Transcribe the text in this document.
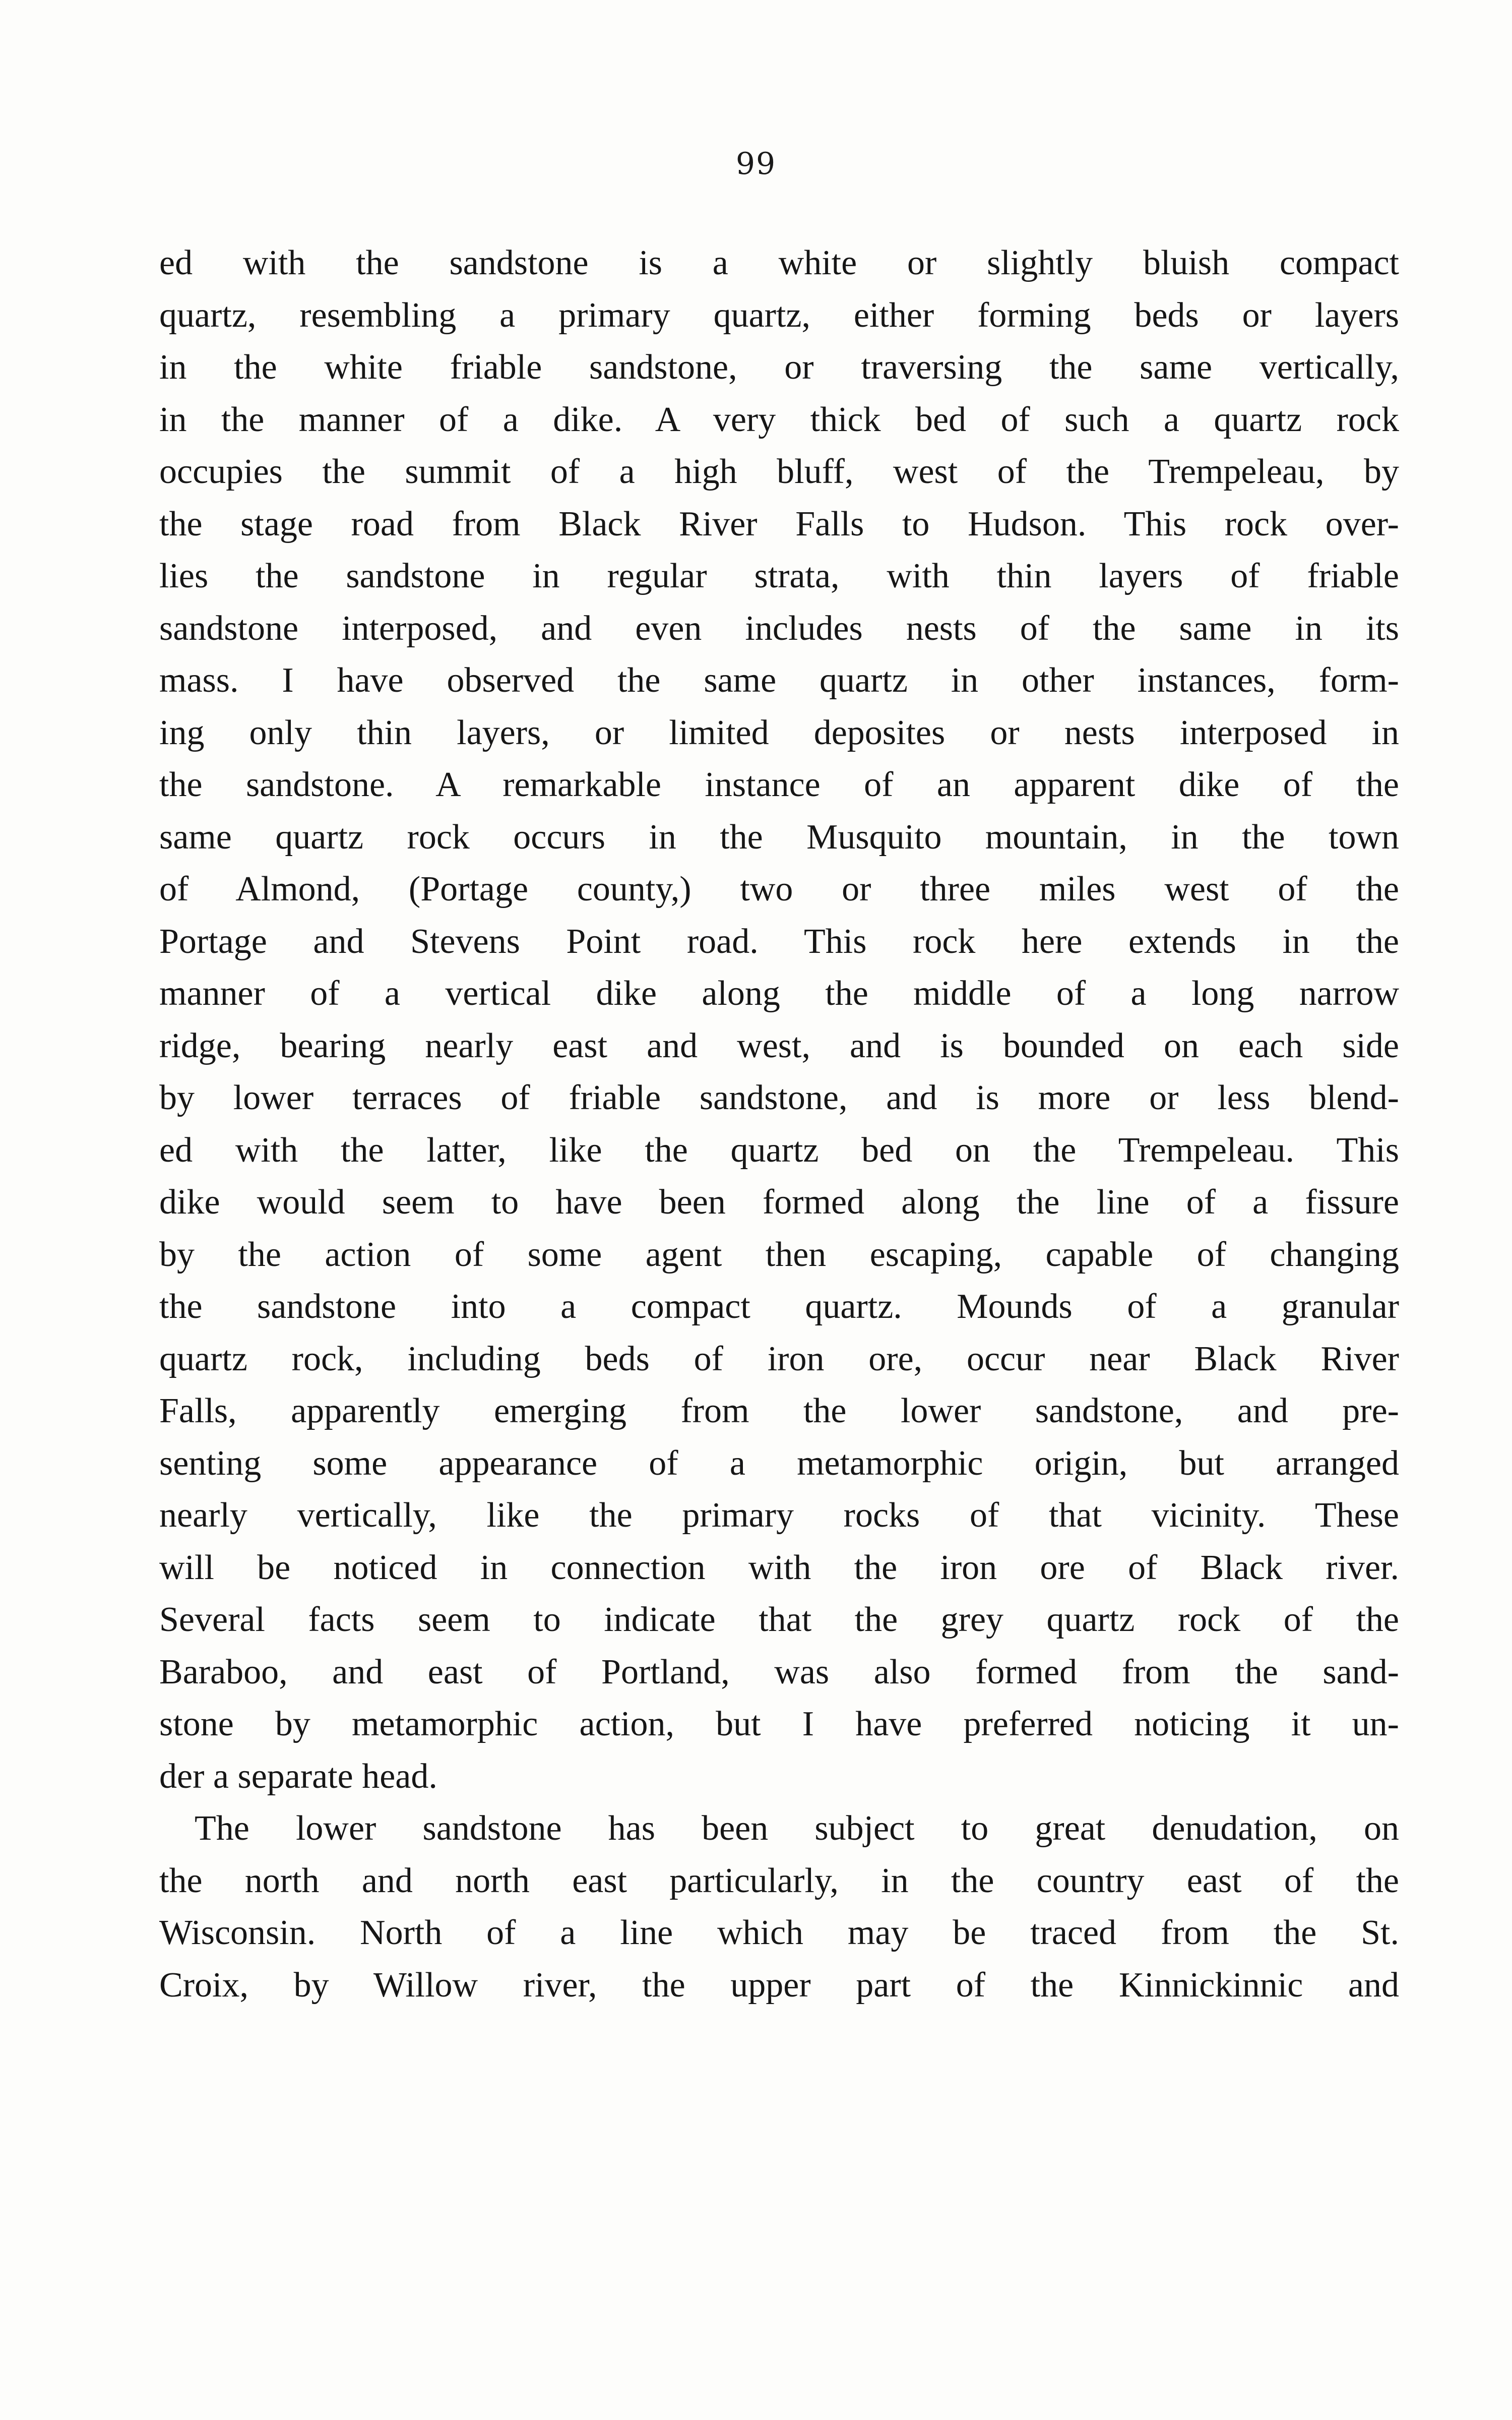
99
ed with the sandstone is a white or slightly bluish compact
quartz, resembling a primary quartz, either forming beds or layers
in the white friable sandstone, or traversing the same vertically,
in the manner of a dike. A very thick bed of such a quartz rock
occupies the summit of a high bluff, west of the Trempeleau, by
the stage road from Black River Falls to Hudson. This rock over-
lies the sandstone in regular strata, with thin layers of friable
sandstone interposed, and even includes nests of the same in its
mass. I have observed the same quartz in other instances, form-
ing only thin layers, or limited deposites or nests interposed in
the sandstone. A remarkable instance of an apparent dike of the
same quartz rock occurs in the Musquito mountain, in the town
of Almond, (Portage county,) two or three miles west of the
Portage and Stevens Point road. This rock here extends in the
manner of a vertical dike along the middle of a long narrow
ridge, bearing nearly east and west, and is bounded on each side
by lower terraces of friable sandstone, and is more or less blend-
ed with the latter, like the quartz bed on the Trempeleau. This
dike would seem to have been formed along the line of a fissure
by the action of some agent then escaping, capable of changing
the sandstone into a compact quartz. Mounds of a granular
quartz rock, including beds of iron ore, occur near Black River
Falls, apparently emerging from the lower sandstone, and pre-
senting some appearance of a metamorphic origin, but arranged
nearly vertically, like the primary rocks of that vicinity. These
will be noticed in connection with the iron ore of Black river.
Several facts seem to indicate that the grey quartz rock of the
Baraboo, and east of Portland, was also formed from the sand-
stone by metamorphic action, but I have preferred noticing it un-
der a separate head.
The lower sandstone has been subject to great denudation, on
the north and north east particularly, in the country east of the
Wisconsin. North of a line which may be traced from the St.
Croix, by Willow river, the upper part of the Kinnickinnic and
